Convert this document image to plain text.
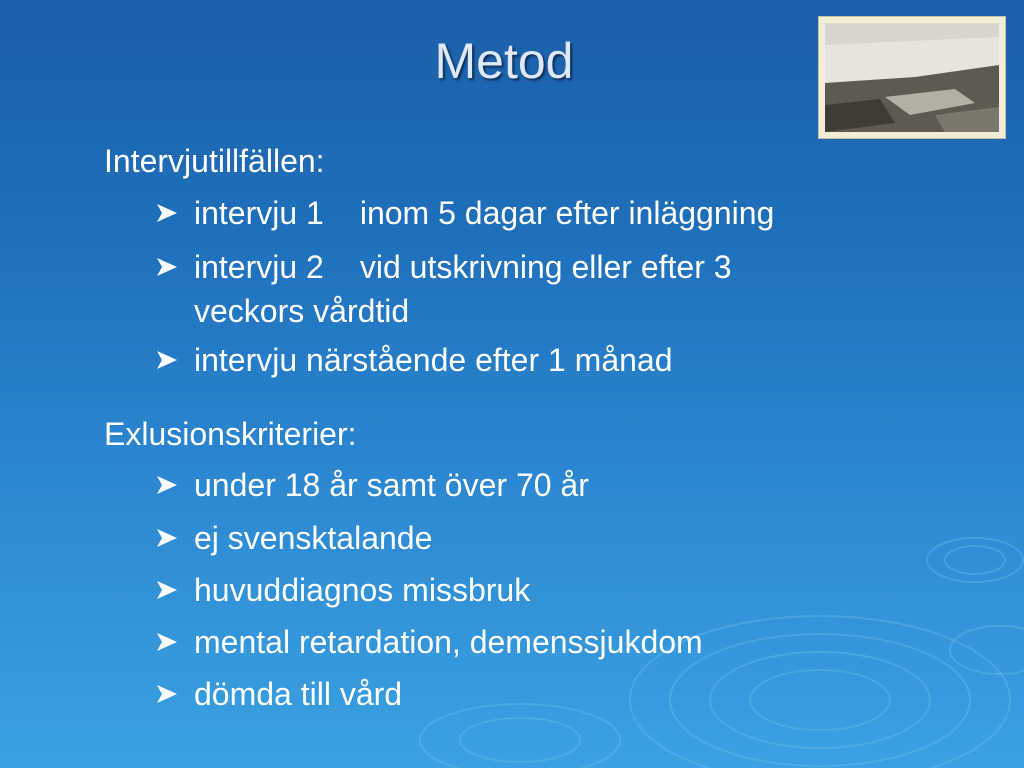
Metod
Intervjutillfällen:
intervju 1 inom 5 dagar efter inläggning
intervju 2 vid utskrivning eller efter 3
veckors vårdtid
intervju närstående efter 1 månad
Exlusionskriterier:
under 18 år samt över 70 år
ej svensktalande
huvuddiagnos missbruk
mental retardation, demenssjukdom
dömda till vård
